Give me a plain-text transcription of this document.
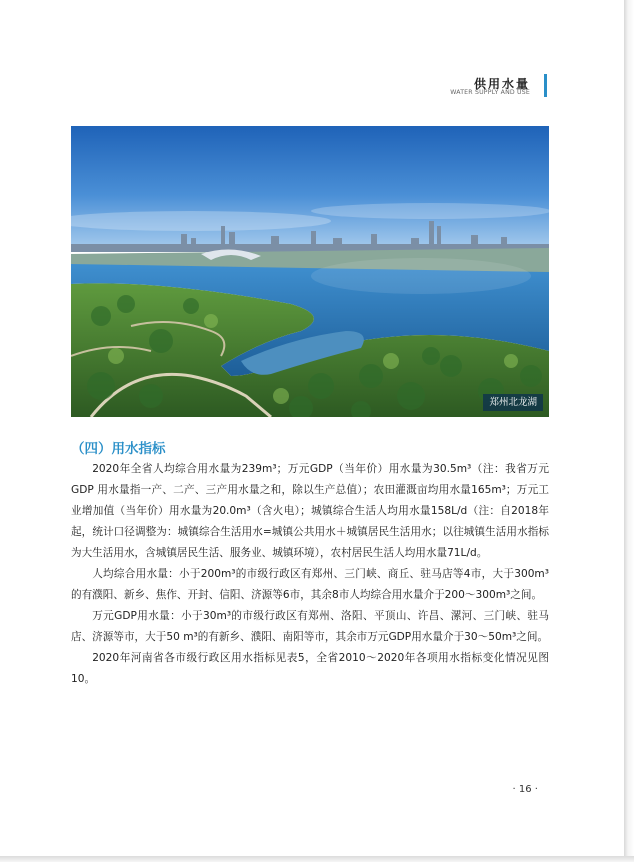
供用水量
WATER SUPPLY AND USE
郑州北龙湖
（四）用水指标

2020年全省人均综合用水量为239m³；万元GDP（当年价）用水量为30.5m³（注：我省万元GDP 用水量指一产、二产、三产用水量之和，除以生产总值）；农田灌溉亩均用水量165m³；万元工业增加值（当年价）用水量为20.0m³（含火电）；城镇综合生活人均用水量158L/d（注：自2018年起，统计口径调整为：城镇综合生活用水=城镇公共用水＋城镇居民生活用水；以往城镇生活用水指标为大生活用水，含城镇居民生活、服务业、城镇环境），农村居民生活人均用水量71L/d。

人均综合用水量：小于200m³的市级行政区有郑州、三门峡、商丘、驻马店等4市，大于300m³的有濮阳、新乡、焦作、开封、信阳、济源等6市，其余8市人均综合用水量介于200～300m³之间。

万元GDP用水量：小于30m³的市级行政区有郑州、洛阳、平顶山、许昌、漯河、三门峡、驻马店、济源等市，大于50 m³的有新乡、濮阳、南阳等市，其余市万元GDP用水量介于30～50m³之间。

2020年河南省各市级行政区用水指标见表5，全省2010～2020年各项用水指标变化情况见图10。

· 16 ·
